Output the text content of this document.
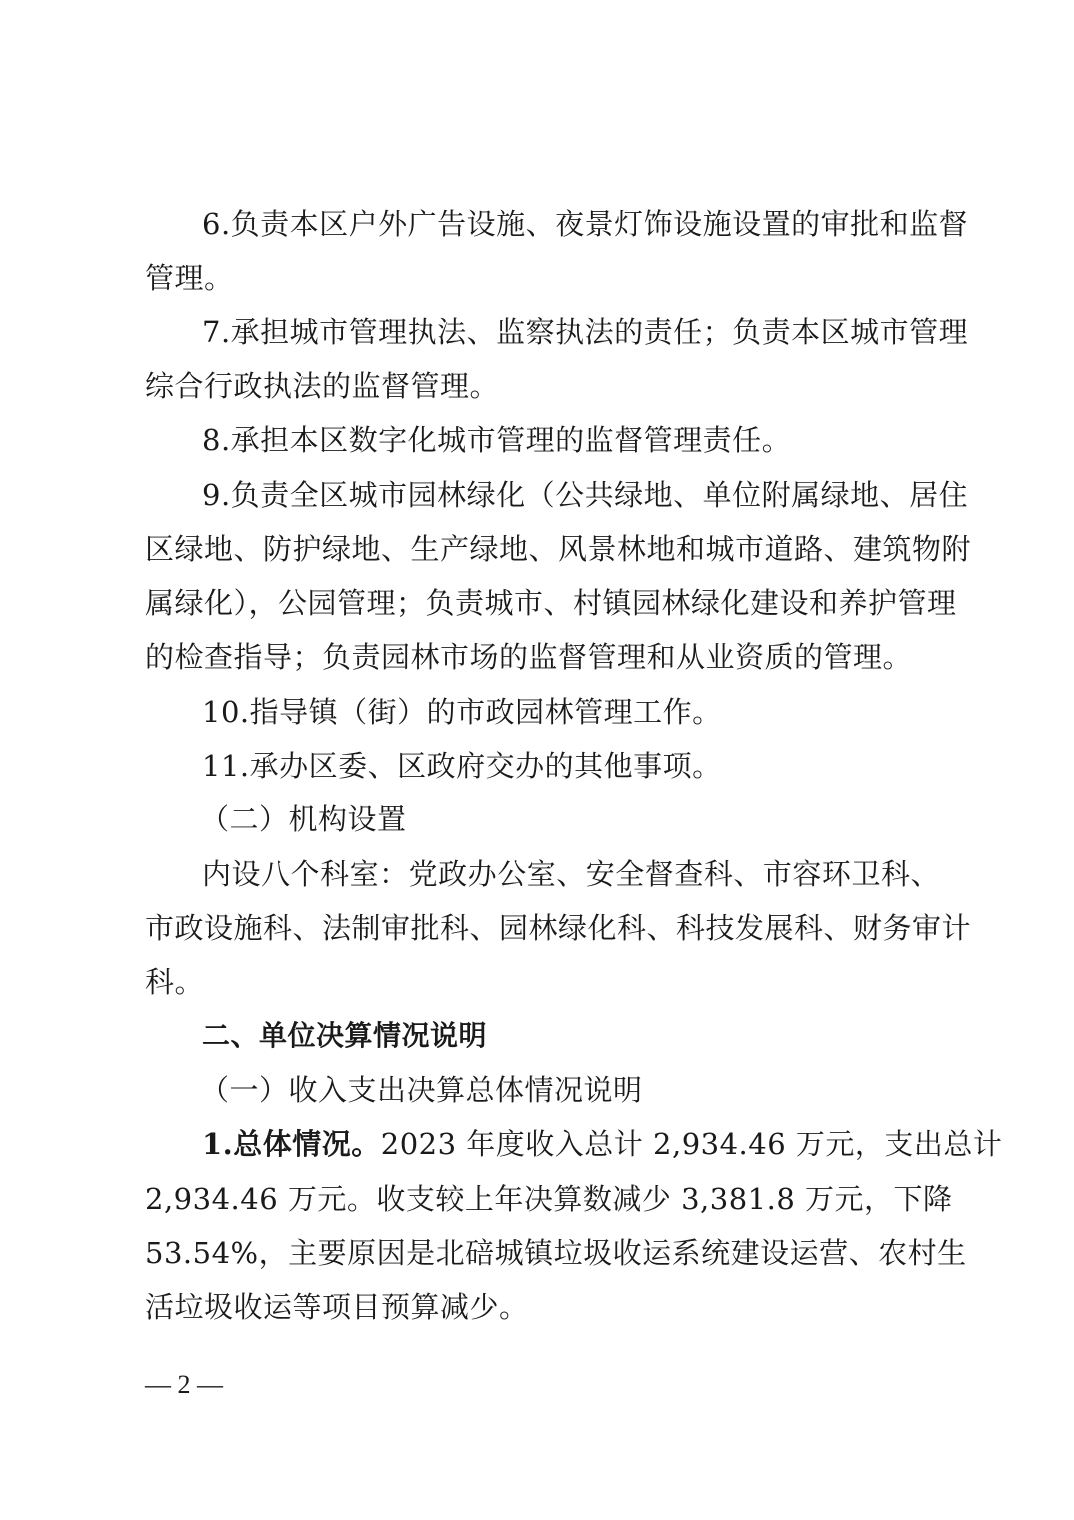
6.负责本区户外广告设施、夜景灯饰设施设置的审批和监督
管理。
7.承担城市管理执法、监察执法的责任；负责本区城市管理
综合行政执法的监督管理。
8.承担本区数字化城市管理的监督管理责任。
9.负责全区城市园林绿化（公共绿地、单位附属绿地、居住
区绿地、防护绿地、生产绿地、风景林地和城市道路、建筑物附
属绿化），公园管理；负责城市、村镇园林绿化建设和养护管理
的检查指导；负责园林市场的监督管理和从业资质的管理。
10.指导镇（街）的市政园林管理工作。
11.承办区委、区政府交办的其他事项。
（二）机构设置
内设八个科室：党政办公室、安全督查科、市容环卫科、
市政设施科、法制审批科、园林绿化科、科技发展科、财务审计
科。
二、单位决算情况说明
（一）收入支出决算总体情况说明
1.总体情况。2023 年度收入总计 2,934.46 万元，支出总计
2,934.46 万元。收支较上年决算数减少 3,381.8 万元，下降
53.54%，主要原因是北碚城镇垃圾收运系统建设运营、农村生
活垃圾收运等项目预算减少。
— 2 —
